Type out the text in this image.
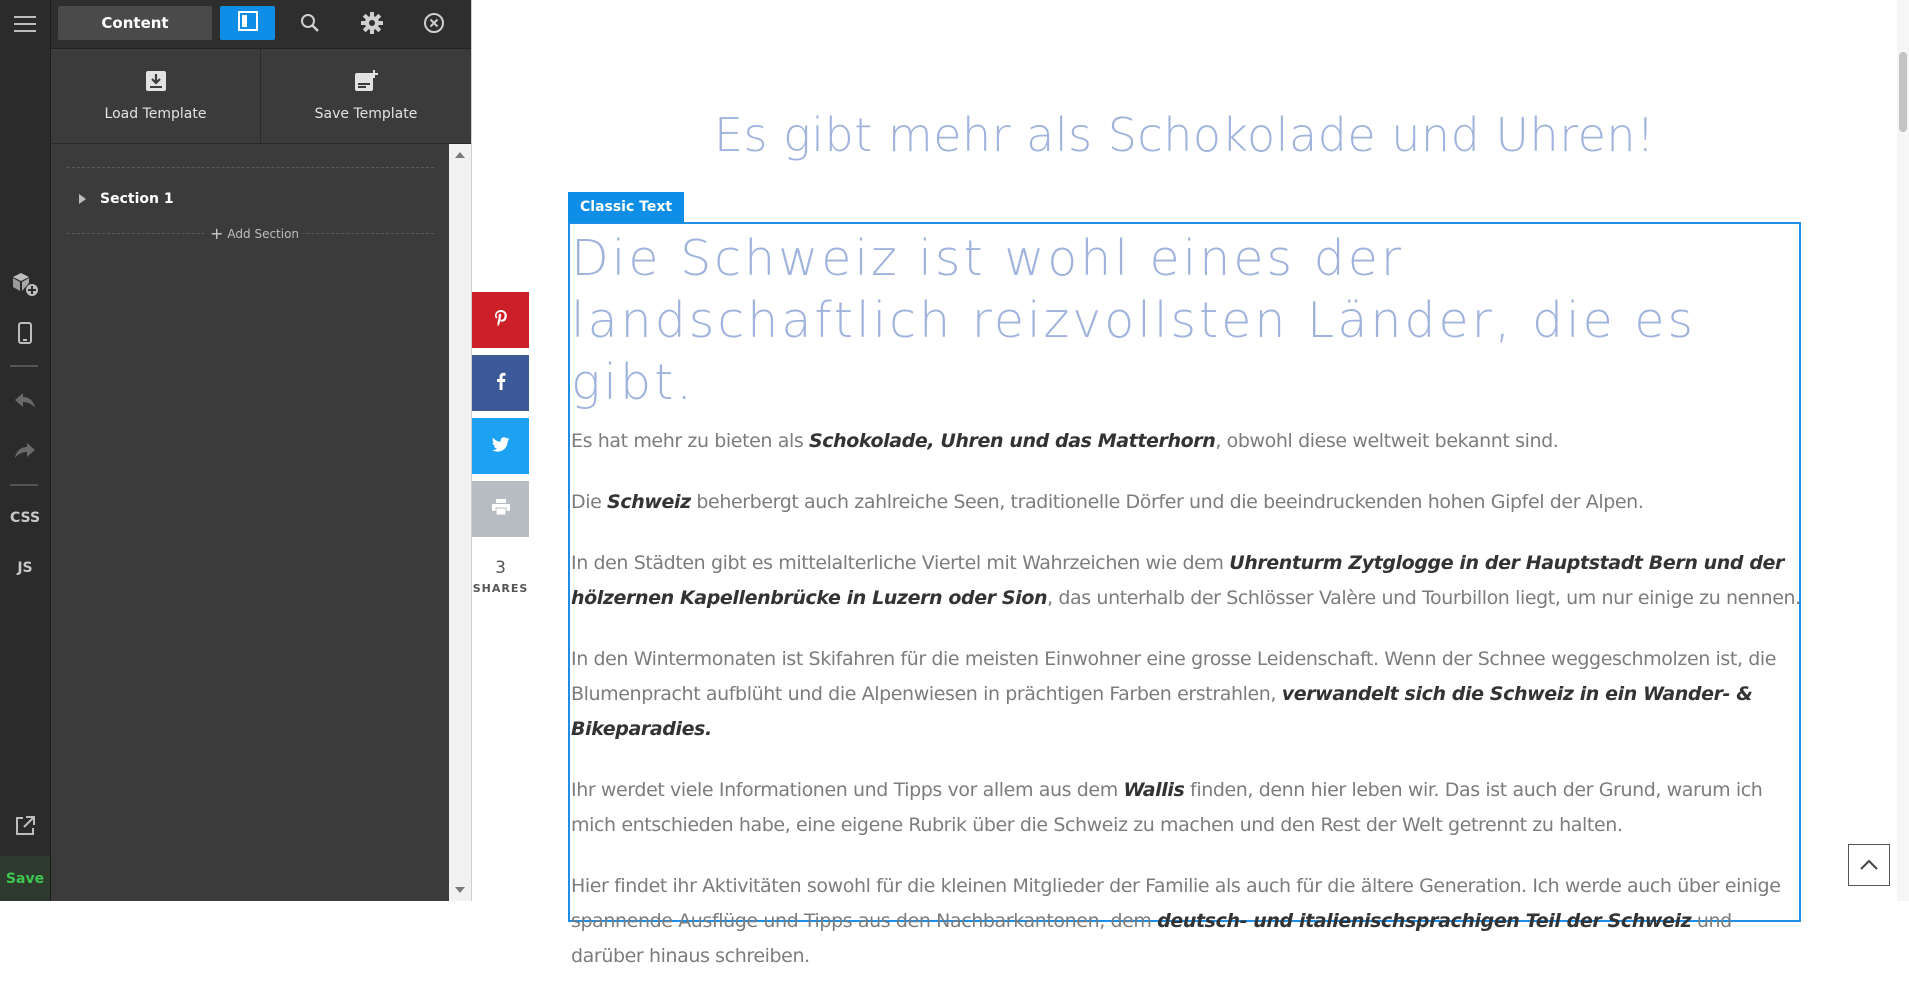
CSS
JS
Save
Content
Load Template	Save Template
Section 1
+ Add Section
Es gibt mehr als Schokolade und Uhren!
3
SHARES
Classic Text
Die Schweiz ist wohl eines der landschaftlich reizvollsten Länder, die es gibt.

Es hat mehr zu bieten als Schokolade, Uhren und das Matterhorn, obwohl diese weltweit bekannt sind.

Die Schweiz beherbergt auch zahlreiche Seen, traditionelle Dörfer und die beeindruckenden hohen Gipfel der Alpen.

In den Städten gibt es mittelalterliche Viertel mit Wahrzeichen wie dem Uhrenturm Zytglogge in der Hauptstadt Bern und der hölzernen Kapellenbrücke in Luzern oder Sion, das unterhalb der Schlösser Valère und Tourbillon liegt, um nur einige zu nennen.

In den Wintermonaten ist Skifahren für die meisten Einwohner eine grosse Leidenschaft. Wenn der Schnee weggeschmolzen ist, die Blumenpracht aufblüht und die Alpenwiesen in prächtigen Farben erstrahlen, verwandelt sich die Schweiz in ein Wander- & Bikeparadies.

Ihr werdet viele Informationen und Tipps vor allem aus dem Wallis finden, denn hier leben wir. Das ist auch der Grund, warum ich mich entschieden habe, eine eigene Rubrik über die Schweiz zu machen und den Rest der Welt getrennt zu halten.

Hier findet ihr Aktivitäten sowohl für die kleinen Mitglieder der Familie als auch für die ältere Generation. Ich werde auch über einige spannende Ausflüge und Tipps aus den Nachbarkantonen, dem deutsch- und italienischsprachigen Teil der Schweiz und darüber hinaus schreiben.
